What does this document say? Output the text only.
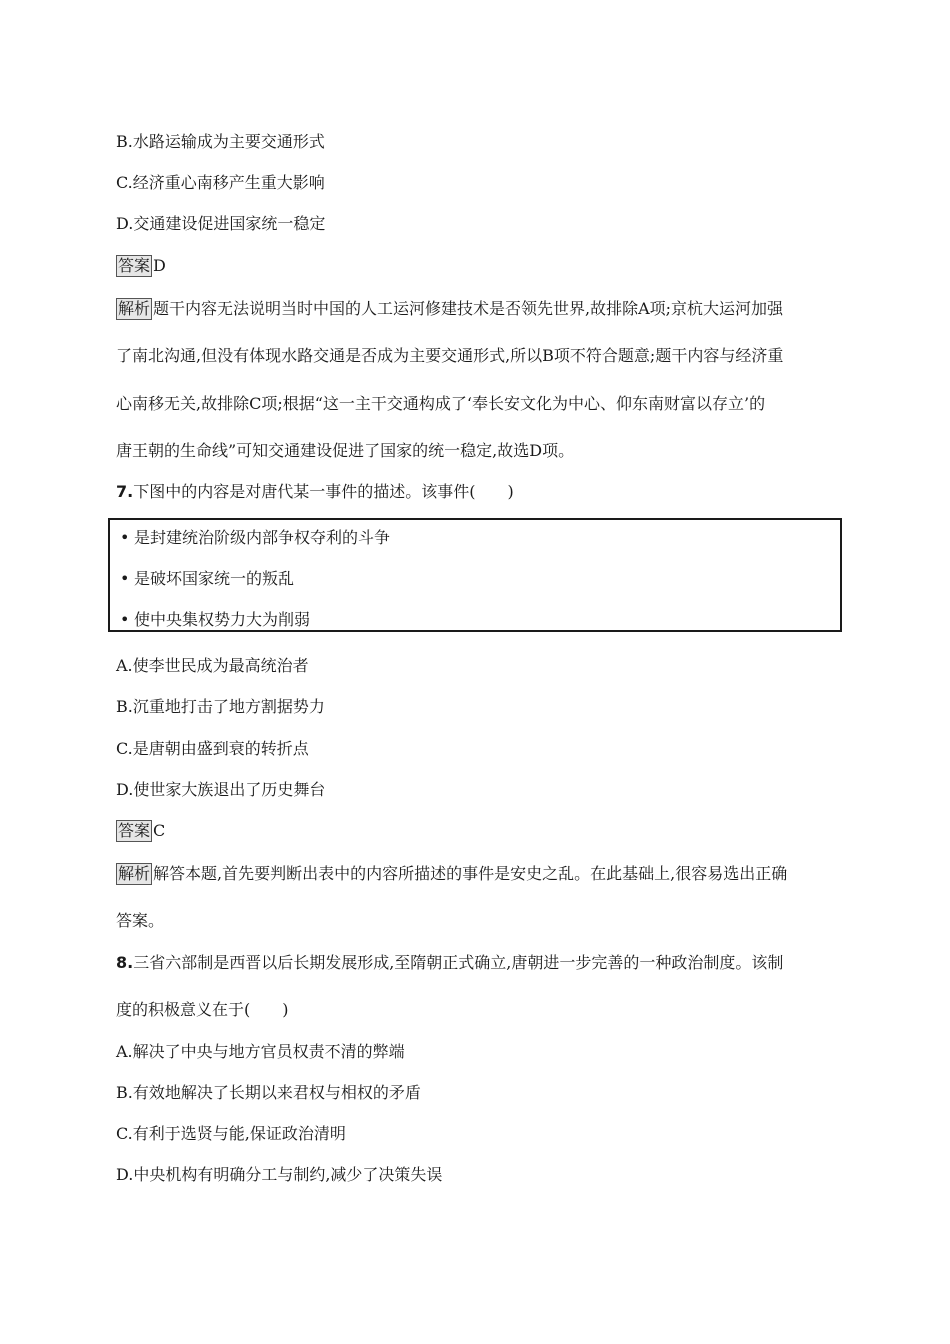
B.水路运输成为主要交通形式
C.经济重心南移产生重大影响
D.交通建设促进国家统一稳定
答案 D
解析 题干内容无法说明当时中国的人工运河修建技术是否领先世界,故排除A项;京杭大运河加强
了南北沟通,但没有体现水路交通是否成为主要交通形式,所以B项不符合题意;题干内容与经济重
心南移无关,故排除C项;根据“这一主干交通构成了‘奉长安文化为中心、仰东南财富以存立’的
唐王朝的生命线”可知交通建设促进了国家的统一稳定,故选D项。
7.下图中的内容是对唐代某一事件的描述。该事件(　　)
• 是封建统治阶级内部争权夺利的斗争
• 是破坏国家统一的叛乱
• 使中央集权势力大为削弱
A.使李世民成为最高统治者
B.沉重地打击了地方割据势力
C.是唐朝由盛到衰的转折点
D.使世家大族退出了历史舞台
答案 C
解析 解答本题,首先要判断出表中的内容所描述的事件是安史之乱。在此基础上,很容易选出正确
答案。
8.三省六部制是西晋以后长期发展形成,至隋朝正式确立,唐朝进一步完善的一种政治制度。该制
度的积极意义在于(　　)
A.解决了中央与地方官员权责不清的弊端
B.有效地解决了长期以来君权与相权的矛盾
C.有利于选贤与能,保证政治清明
D.中央机构有明确分工与制约,减少了决策失误
